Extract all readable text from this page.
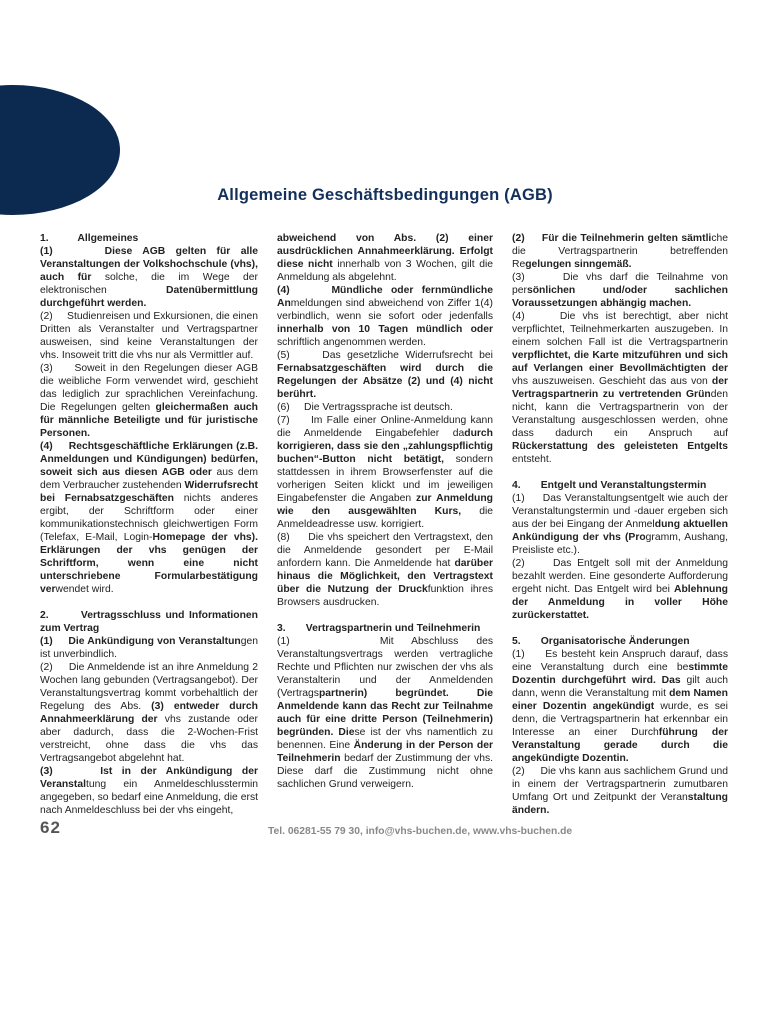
Allgemeine Geschäftsbedingungen (AGB)

1.          Allgemeines

(1)     Diese AGB gelten für alle Veranstaltungen der Volkshochschule (vhs), auch für solche, die im Wege der elektronischen Datenübermittlung durchgeführt werden.

(2)     Studienreisen und Exkursionen, die einen Dritten als Veranstalter und Vertragspartner ausweisen, sind keine Veranstaltungen der vhs. Insoweit tritt die vhs nur als Vermittler auf.

(3)     Soweit in den Regelungen dieser AGB die weibliche Form verwendet wird, geschieht das lediglich zur sprachlichen Vereinfachung. Die Regelungen gelten gleichermaßen auch für männliche Beteiligte und für juristische Personen.

(4)     Rechtsgeschäftliche Erklärungen (z.B. Anmeldungen und Kündigungen) bedürfen, soweit sich aus diesen AGB oder aus dem dem Verbraucher zustehenden Widerrufsrecht bei Fernabsatzgeschäften nichts anderes ergibt, der Schriftform oder einer kommunikationstechnisch gleichwertigen Form (Telefax, E-Mail, Login-Homepage der vhs). Erklärungen der vhs genügen der Schriftform, wenn eine nicht unterschriebene Formularbestätigung verwendet wird.

2.       Vertragsschluss und Informationen zum Vertrag

(1)     Die Ankündigung von Veranstaltungen ist unverbindlich.

(2)     Die Anmeldende ist an ihre Anmeldung 2 Wochen lang gebunden (Vertragsangebot). Der Veranstaltungsvertrag kommt vorbehaltlich der Regelung des Abs. (3) entweder durch Annahmeerklärung der vhs zustande oder aber dadurch, dass die 2-Wochen-Frist verstreicht, ohne dass die vhs das Vertragsangebot abgelehnt hat.

(3)     Ist in der Ankündigung der Veranstaltung ein Anmeldeschlusstermin angegeben, so bedarf eine Anmeldung, die erst nach Anmeldeschluss bei der vhs eingeht,

abweichend von Abs. (2) einer ausdrücklichen Annahmeerklärung. Erfolgt diese nicht innerhalb von 3 Wochen, gilt die Anmeldung als abgelehnt.

(4)     Mündliche oder fernmündliche Anmeldungen sind abweichend von Ziffer 1(4) verbindlich, wenn sie sofort oder jedenfalls innerhalb von 10 Tagen mündlich oder schriftlich angenommen werden.

(5)     Das gesetzliche Widerrufsrecht bei Fernabsatzgeschäften wird durch die Regelungen der Absätze (2) und (4) nicht berührt.

(6)     Die Vertragssprache ist deutsch.

(7)     Im Falle einer Online-Anmeldung kann die Anmeldende Eingabefehler dadurch korrigieren, dass sie den „zahlungspflichtig buchen“-Button nicht betätigt, sondern stattdessen in ihrem Browserfenster auf die vorherigen Seiten klickt und im jeweiligen Eingabefenster die Angaben zur Anmeldung wie den ausgewählten Kurs, die Anmeldeadresse usw. korrigiert.

(8)     Die vhs speichert den Vertragstext, den die Anmeldende gesondert per E-Mail anfordern kann. Die Anmeldende hat darüber hinaus die Möglichkeit, den Vertragstext über die Nutzung der Druckfunktion ihres Browsers ausdrucken.

3.       Vertragspartnerin und Teilnehmerin

(1)     Mit Abschluss des Veranstaltungsvertrags werden vertragliche Rechte und Pflichten nur zwischen der vhs als Veranstalterin und der Anmeldenden (Vertragspartnerin) begründet. Die Anmeldende kann das Recht zur Teilnahme auch für eine dritte Person (Teilnehmerin) begründen. Diese ist der vhs namentlich zu benennen. Eine Änderung in der Person der Teilnehmerin bedarf der Zustimmung der vhs. Diese darf die Zustimmung nicht ohne sachlichen Grund verweigern.

(2)     Für die Teilnehmerin gelten sämtliche die Vertragspartnerin betreffenden Regelungen sinngemäß.

(3)     Die vhs darf die Teilnahme von persönlichen und/oder sachlichen Voraussetzungen abhängig machen.

(4)     Die vhs ist berechtigt, aber nicht verpflichtet, Teilnehmerkarten auszugeben. In einem solchen Fall ist die Vertragspartnerin verpflichtet, die Karte mitzuführen und sich auf Verlangen einer Bevollmächtigten der vhs auszuweisen. Geschieht das aus von der Vertragspartnerin zu vertretenden Gründen nicht, kann die Vertragspartnerin von der Veranstaltung ausgeschlossen werden, ohne dass dadurch ein Anspruch auf Rückerstattung des geleisteten Entgelts entsteht.

4.       Entgelt und Veranstaltungstermin

(1)     Das Veranstaltungsentgelt wie auch der Veranstaltungstermin und -dauer ergeben sich aus der bei Eingang der Anmeldung aktuellen Ankündigung der vhs (Programm, Aushang, Preisliste etc.).

(2)     Das Entgelt soll mit der Anmeldung bezahlt werden. Eine gesonderte Aufforderung ergeht nicht. Das Entgelt wird bei Ablehnung der Anmeldung in voller Höhe zurückerstattet.

5.       Organisatorische Änderungen

(1)     Es besteht kein Anspruch darauf, dass eine Veranstaltung durch eine bestimmte Dozentin durchgeführt wird. Das gilt auch dann, wenn die Veranstaltung mit dem Namen einer Dozentin angekündigt wurde, es sei denn, die Vertragspartnerin hat erkennbar ein Interesse an einer Durchführung der Veranstaltung gerade durch die angekündigte Dozentin.

(2)     Die vhs kann aus sachlichem Grund und in einem der Vertragspartnerin zumutbaren Umfang Ort und Zeitpunkt der Veranstaltung ändern.

62	Tel. 06281-55 79 30, info@vhs-buchen.de, www.vhs-buchen.de
